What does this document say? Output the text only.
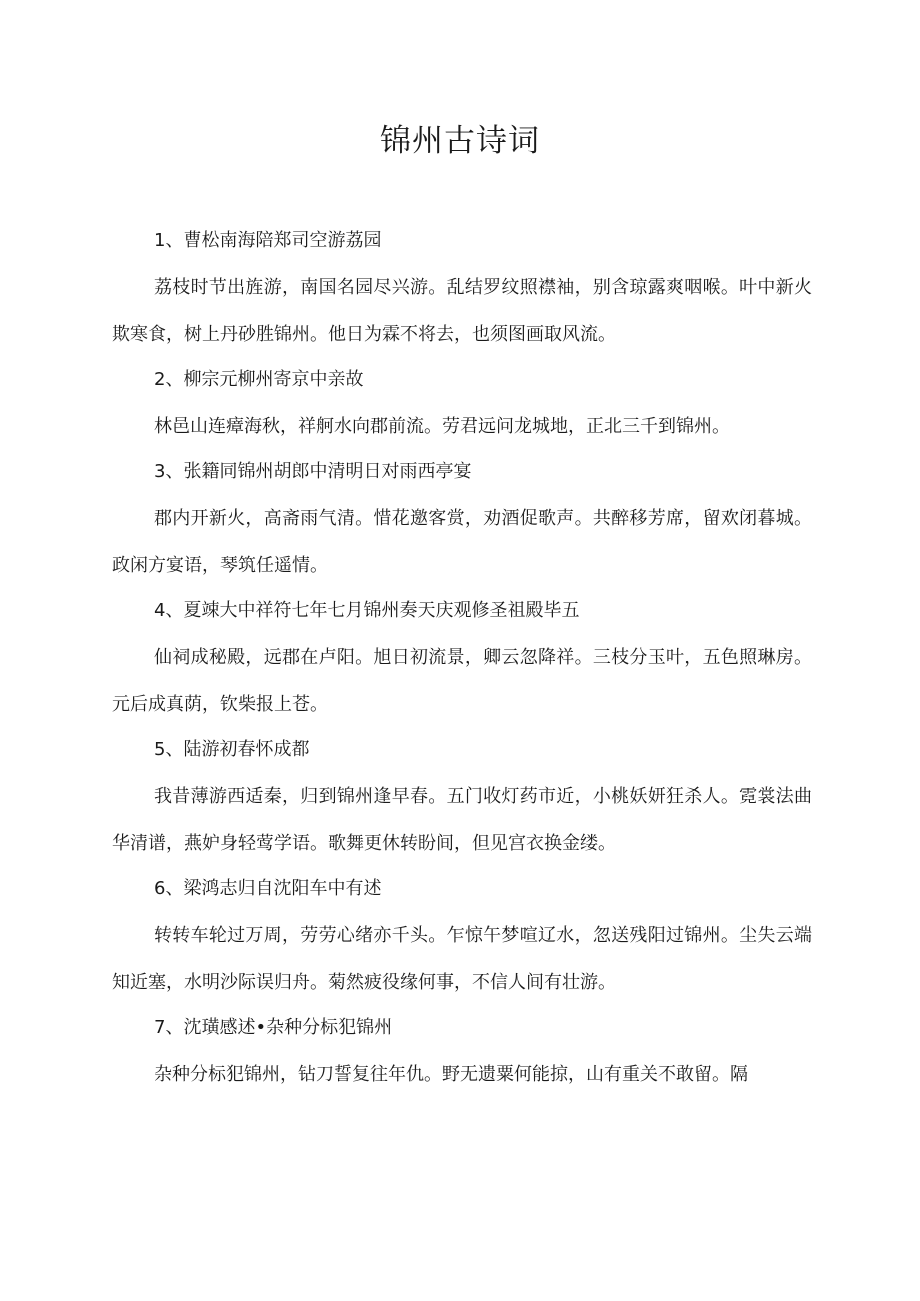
锦州古诗词
1、曹松南海陪郑司空游荔园
荔枝时节出旌游，南国名园尽兴游。乱结罗纹照襟袖，别含琼露爽咽喉。叶中新火欺寒食，树上丹砂胜锦州。他日为霖不将去，也须图画取风流。
2、柳宗元柳州寄京中亲故
林邑山连瘴海秋，祥舸水向郡前流。劳君远问龙城地，正北三千到锦州。
3、张籍同锦州胡郎中清明日对雨西亭宴
郡内开新火，高斋雨气清。惜花邀客赏，劝酒促歌声。共醉移芳席，留欢闭暮城。政闲方宴语，琴筑任遥情。
4、夏竦大中祥符七年七月锦州奏天庆观修圣祖殿毕五
仙祠成秘殿，远郡在卢阳。旭日初流景，卿云忽降祥。三枝分玉叶，五色照琳房。元后成真荫，钦柴报上苍。
5、陆游初春怀成都
我昔薄游西适秦，归到锦州逢早春。五门收灯药市近，小桃妖妍狂杀人。霓裳法曲华清谱，燕妒身轻莺学语。歌舞更休转盼间，但见宫衣换金缕。
6、梁鸿志归自沈阳车中有述
转转车轮过万周，劳劳心绪亦千头。乍惊午梦喧辽水，忽送残阳过锦州。尘失云端知近塞，水明沙际误归舟。菊然疲役缘何事，不信人间有壮游。
7、沈璜感述•杂种分标犯锦州
杂种分标犯锦州，钻刀誓复往年仇。野无遗粟何能掠，山有重关不敢留。隔
